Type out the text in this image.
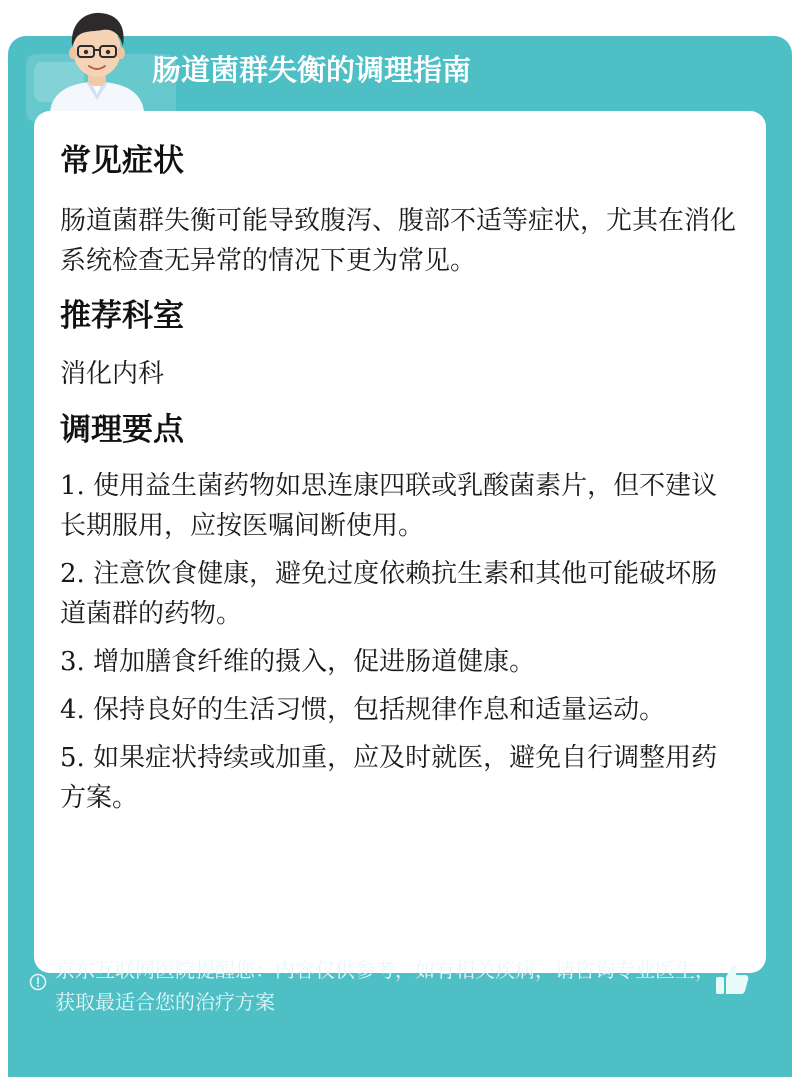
肠道菌群失衡的调理指南
常见症状

肠道菌群失衡可能导致腹泻、腹部不适等症状，尤其在消化系统检查无异常的情况下更为常见。

推荐科室

消化内科

调理要点
1. 使用益生菌药物如思连康四联或乳酸菌素片，但不建议长期服用，应按医嘱间断使用。
2. 注意饮食健康，避免过度依赖抗生素和其他可能破坏肠道菌群的药物。
3. 增加膳食纤维的摄入，促进肠道健康。
4. 保持良好的生活习惯，包括规律作息和适量运动。
5. 如果症状持续或加重，应及时就医，避免自行调整用药方案。
京东互联网医院提醒您：内容仅供参考，如有相关疾病，请咨询专业医生，获取最适合您的治疗方案
